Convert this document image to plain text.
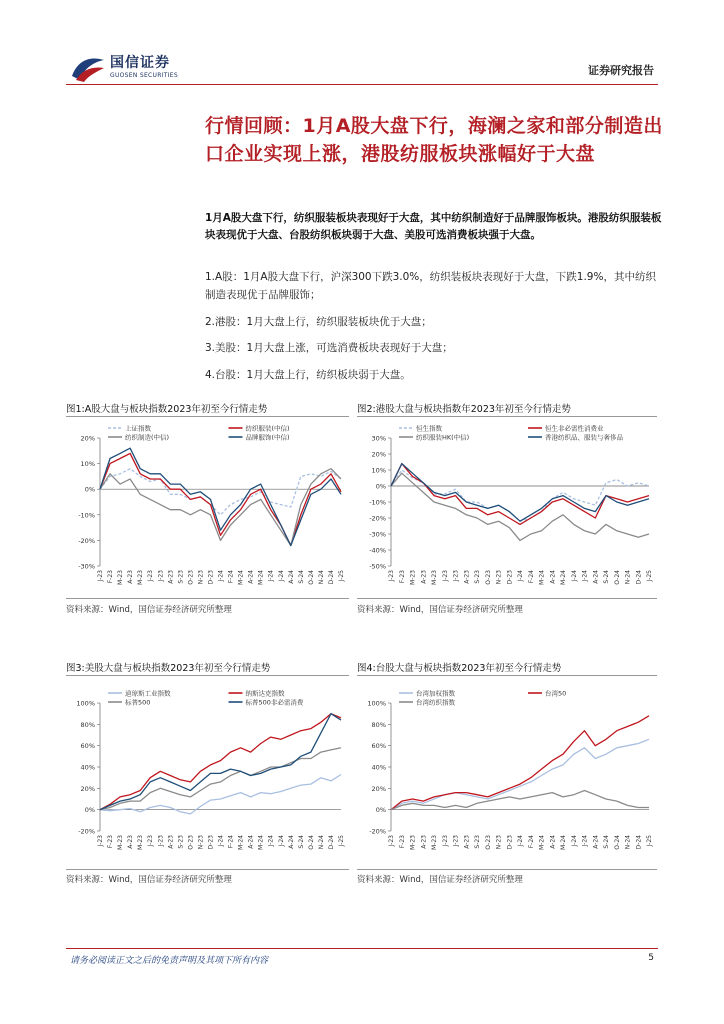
国信证券
GUOSEN SECURITIES	证券研究报告
行情回顾：1月A股大盘下行，海澜之家和部分制造出口企业实现上涨，港股纺服板块涨幅好于大盘
1月A股大盘下行，纺织服装板块表现好于大盘，其中纺织制造好于品牌服饰板块。港股纺织服装板块表现优于大盘、台股纺织板块弱于大盘、美股可选消费板块强于大盘。
1.A股：1月A股大盘下行，沪深300下跌3.0%，纺织装板块表现好于大盘，下跌1.9%，其中纺织制造表现优于品牌服饰；
2.港股：1月大盘上行，纺织服装板块优于大盘；
3.美股：1月大盘上涨，可选消费板块表现好于大盘；
4.台股：1月大盘上行，纺织板块弱于大盘。
图1:A股大盘与板块指数2023年初至今行情走势
20%
10%
0%
-10%
-20%
-30%
J-23 F-23 M-23 A-23 M-23 J-23 J-23 A-23 S-23 O-23 N-23 D-23 J-24 F-24 M-24 A-24 M-24 J-24 J-24 A-24 S-24 O-24 N-24 D-24 J-25
上证指数	纺织服装(中信)
纺织制造(中信)	品牌服饰(中信)
资料来源：Wind，国信证券经济研究所整理
图2:港股大盘与板块指数年2023年初至今行情走势
30%
20%
10%
0%
-10%
-20%
-30%
-40%
-50%
J-23 F-23 M-23 A-23 M-23 J-23 J-23 A-23 S-23 O-23 N-23 D-23 J-24 F-24 M-24 A-24 M-24 J-24 J-24 A-24 S-24 O-24 N-24 D-24 J-25
恒生指数	恒生非必需性消费业
纺织服装HK(中信)	香港纺织品、服装与奢侈品
资料来源：Wind，国信证券经济研究所整理
图3:美股大盘与板块指数2023年初至今行情走势
100%
80%
60%
40%
20%
0%
-20%
J-23 F-23 M-23 A-23 M-23 J-23 J-23 A-23 S-23 O-23 N-23 D-23 J-24 F-24 M-24 A-24 M-24 J-24 J-24 A-24 S-24 O-24 N-24 D-24 J-25
道琼斯工业指数	纳斯达克指数
标普500	标普500非必需消费
资料来源：Wind，国信证券经济研究所整理
图4:台股大盘与板块指数2023年初至今行情走势
100%
80%
60%
40%
20%
0%
-20%
J-23 F-23 M-23 A-23 M-23 J-23 J-23 A-23 S-23 O-23 N-23 D-23 J-24 F-24 M-24 A-24 M-24 J-24 J-24 A-24 S-24 O-24 N-24 D-24 J-25
台湾加权指数	台湾50
台湾纺织指数
资料来源：Wind，国信证券经济研究所整理
请务必阅读正文之后的免责声明及其项下所有内容	5
